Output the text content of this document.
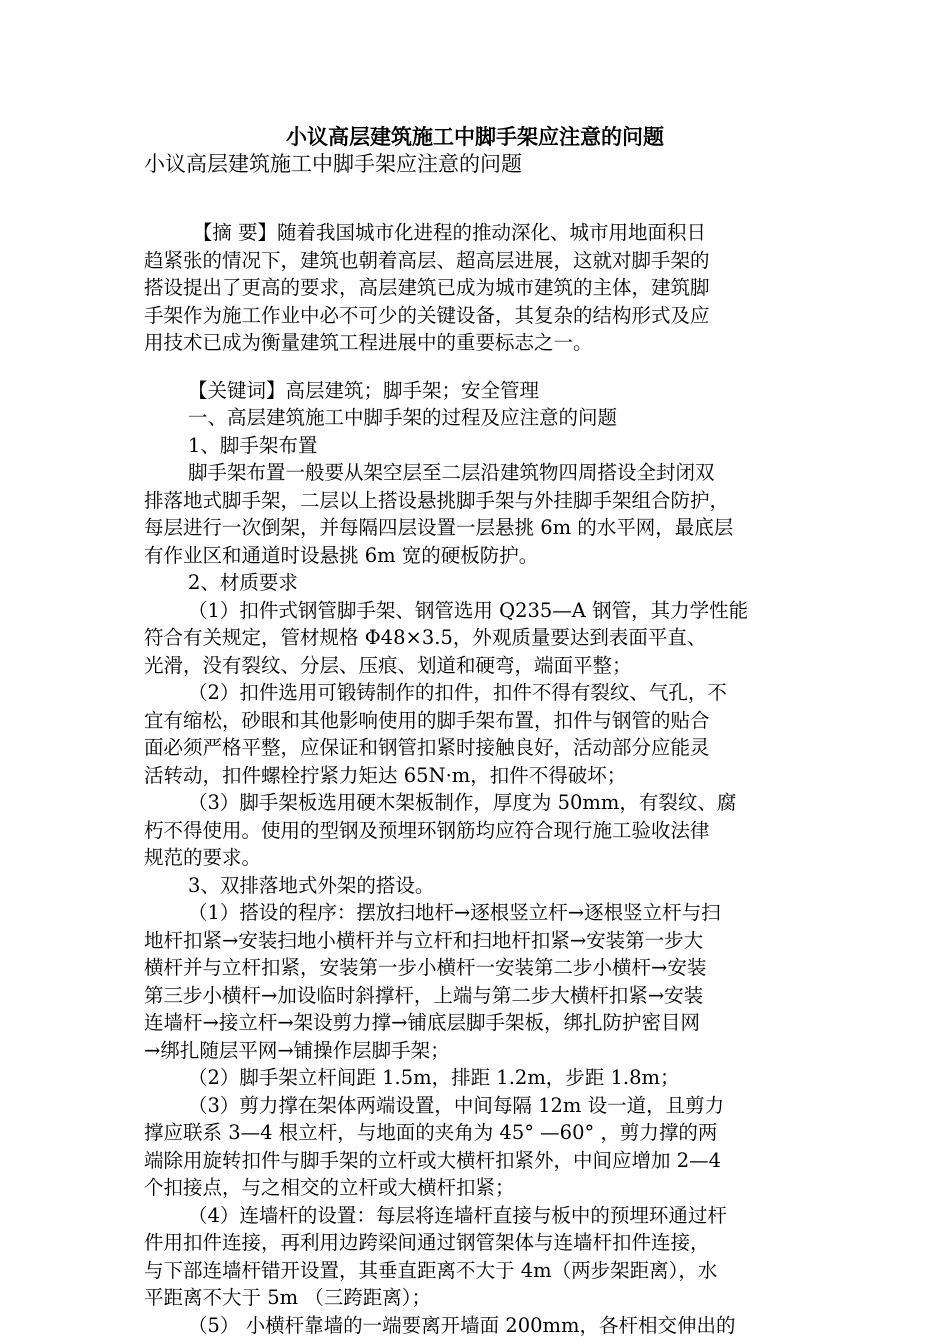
小议高层建筑施工中脚手架应注意的问题
小议高层建筑施工中脚手架应注意的问题

　【摘 要】随着我国城市化进程的推动深化、城市用地面积日
趋紧张的情况下，建筑也朝着高层、超高层进展，这就对脚手架的
搭设提出了更高的要求，高层建筑已成为城市建筑的主体，建筑脚
手架作为施工作业中必不可少的关键设备，其复杂的结构形式及应
用技术已成为衡量建筑工程进展中的重要标志之一。

【关键词】高层建筑；脚手架；安全管理

一、高层建筑施工中脚手架的过程及应注意的问题

1、脚手架布置

脚手架布置一般要从架空层至二层沿建筑物四周搭设全封闭双
排落地式脚手架，二层以上搭设悬挑脚手架与外挂脚手架组合防护，
每层进行一次倒架，并每隔四层设置一层悬挑 6m 的水平网，最底层
有作业区和通道时设悬挑 6m 宽的硬板防护。

2、材质要求

（1）扣件式钢管脚手架、钢管选用 Q235—A 钢管，其力学性能
符合有关规定，管材规格 Φ48×3.5，外观质量要达到表面平直、
光滑，没有裂纹、分层、压痕、划道和硬弯，端面平整；

（2）扣件选用可锻铸制作的扣件，扣件不得有裂纹、气孔，不
宜有缩松，砂眼和其他影响使用的脚手架布置，扣件与钢管的贴合
面必须严格平整，应保证和钢管扣紧时接触良好，活动部分应能灵
活转动，扣件螺栓拧紧力矩达 65N·m，扣件不得破坏；

（3）脚手架板选用硬木架板制作，厚度为 50mm，有裂纹、腐
朽不得使用。使用的型钢及预埋环钢筋均应符合现行施工验收法律
规范的要求。

3、双排落地式外架的搭设。

（1）搭设的程序：摆放扫地杆→逐根竖立杆→逐根竖立杆与扫
地杆扣紧→安装扫地小横杆并与立杆和扫地杆扣紧→安装第一步大
横杆并与立杆扣紧，安装第一步小横杆一安装第二步小横杆→安装
第三步小横杆→加设临时斜撑杆，上端与第二步大横杆扣紧→安装
连墙杆→接立杆→架设剪力撑→铺底层脚手架板，绑扎防护密目网
→绑扎随层平网→铺操作层脚手架；

（2）脚手架立杆间距 1.5m，排距 1.2m，步距 1.8m；

（3）剪力撑在架体两端设置，中间每隔 12m 设一道，且剪力
撑应联系 3—4 根立杆，与地面的夹角为 45° —60° ，剪力撑的两
端除用旋转扣件与脚手架的立杆或大横杆扣紧外，中间应增加 2—4
个扣接点，与之相交的立杆或大横杆扣紧；

（4）连墙杆的设置：每层将连墙杆直接与板中的预埋环通过杆
件用扣件连接，再利用边跨梁间通过钢管架体与连墙杆扣件连接，
与下部连墙杆错开设置，其垂直距离不大于 4m（两步架距离），水
平距离不大于 5m （三跨距离）；

（5） 小横杆靠墙的一端要离开墙面 200mm，各杆相交伸出的
